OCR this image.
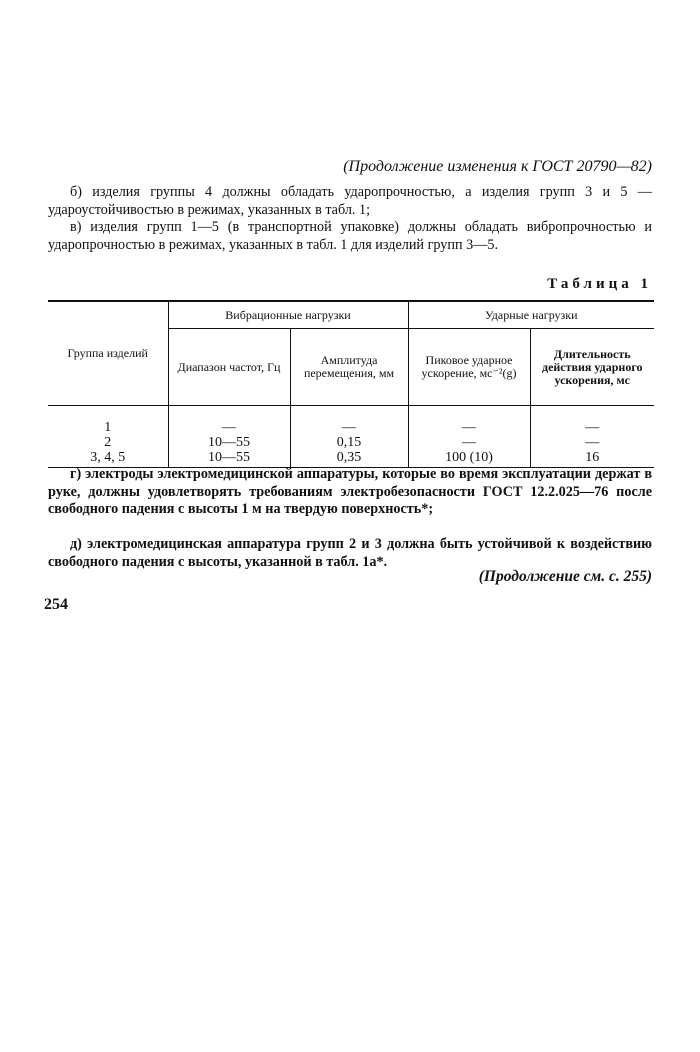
(Продолжение изменения к ГОСТ 20790—82)

б) изделия группы 4 должны обладать ударопрочностью, а изделия групп 3 и 5 — удароустойчивостью в режимах, указанных в табл. 1;

в) изделия групп 1—5 (в транспортной упаковке) должны обладать вибропрочностью и ударопрочностью в режимах, указанных в табл. 1 для изделий групп 3—5.

Таблица 1
Группа изделий	Вибрационные нагрузки		Ударные нагрузки	
	Диапазон частот, Гц	Амплитуда перемещения, мм	Пиковое ударное ускорение, мс⁻²(g)	Длительность действия ударного ускорения, мс
1	—	—	—	—
2	10—55	0,15	—	—
3, 4, 5	10—55	0,35	100 (10)	16

г) электроды электромедицинской аппаратуры, которые во время эксплуатации держат в руке, должны удовлетворять требованиям электробезопасности ГОСТ 12.2.025—76 после свободного падения с высоты 1 м на твердую поверхность*;

д) электромедицинская аппаратура групп 2 и 3 должна быть устойчивой к воздействию свободного падения с высоты, указанной в табл. 1а*.

(Продолжение см. с. 255)
254
